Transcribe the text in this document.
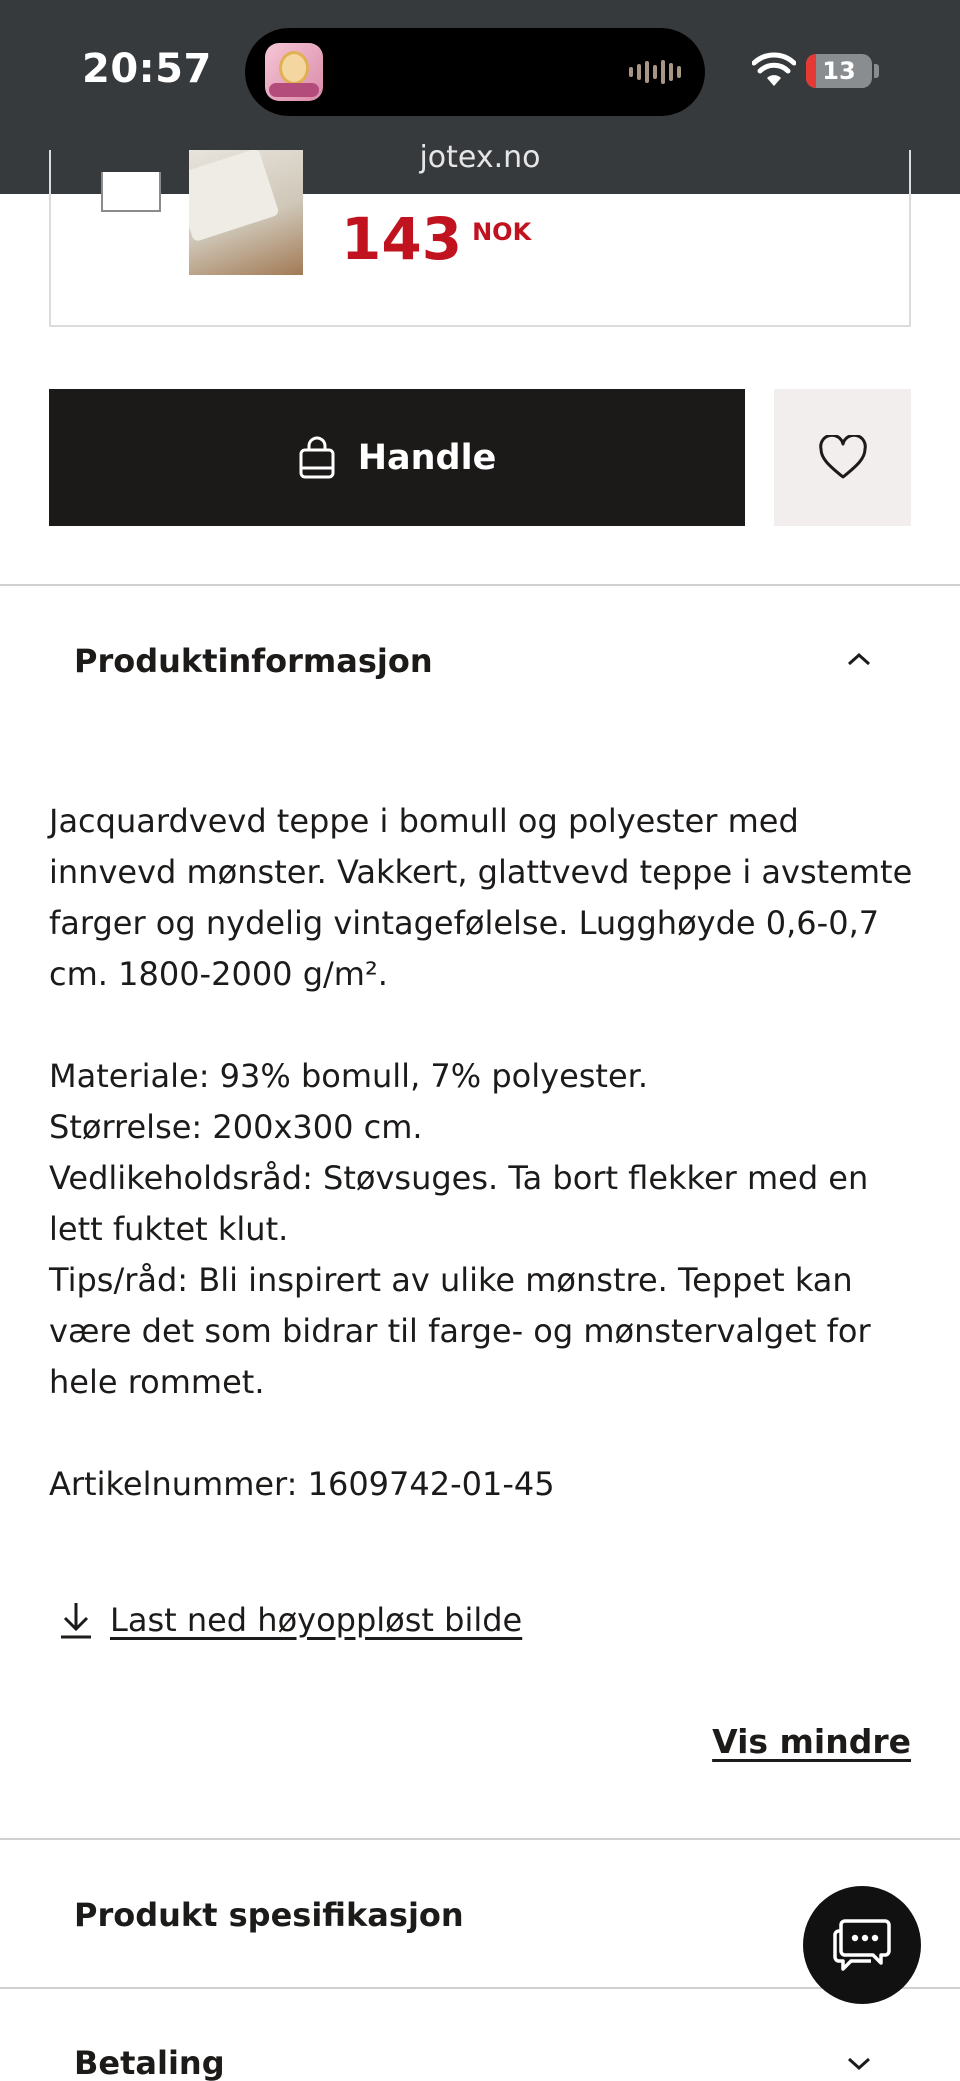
20:57	13
jotex.no
143 NOK
Handle
Produktinformasjon

Jacquardvevd teppe i bomull og polyester med innvevd mønster. Vakkert, glattvevd teppe i avstemte farger og nydelig vintagefølelse. Lugghøyde 0,6-0,7 cm. 1800-2000 g/m².

Materiale: 93% bomull, 7% polyester.

Størrelse: 200x300 cm.

Vedlikeholdsråd: Støvsuges. Ta bort flekker med en lett fuktet klut.

Tips/råd: Bli inspirert av ulike mønstre. Teppet kan være det som bidrar til farge- og mønstervalget for hele rommet.

Artikelnummer: 1609742-01-45

Last ned høyoppløst bilde
Vis mindre
Produkt spesifikasjon
Betaling
